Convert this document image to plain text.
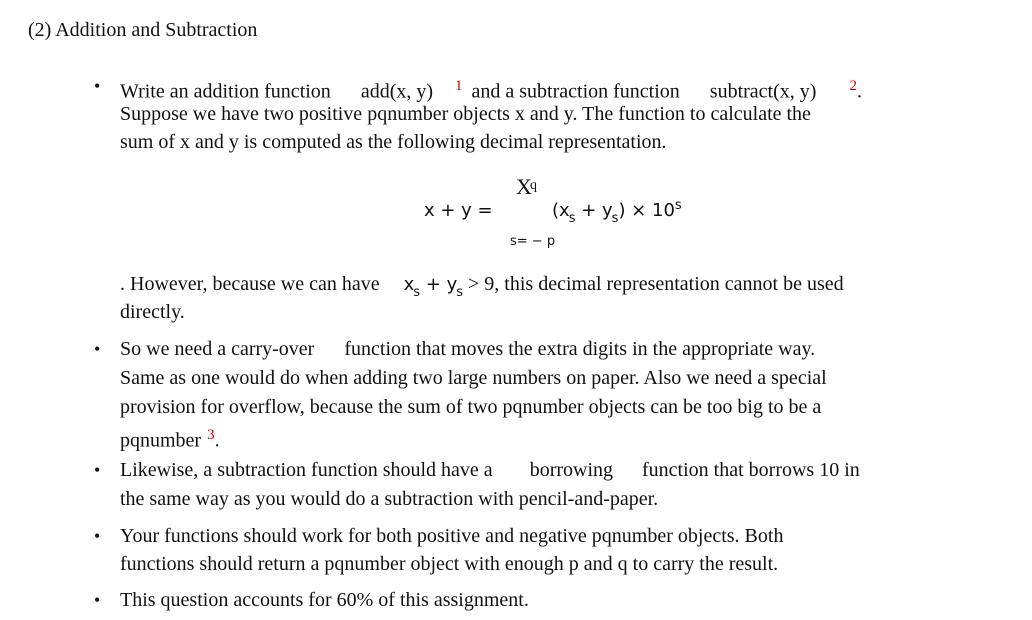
(2) Addition and Subtraction
• Write an addition function add(x, y) $^1$ and a subtraction function subtract(x, y) $^2$.
Suppose we have two positive pqnumber objects x and y. The function to calculate the
sum of x and y is computed as the following decimal representation.
x + y =
X
q
s= − p
$(x_s + y_s) \times 10^s$
. However, because we can have $x_s + y_s > 9$, this decimal representation cannot be used
directly.
• So we need a carry-over function that moves the extra digits in the appropriate way.
Same as one would do when adding two large numbers on paper. Also we need a special
provision for overflow, because the sum of two pqnumber objects can be too big to be a
pqnumber $^3$.
• Likewise, a subtraction function should have a borrowing function that borrows 10 in
the same way as you would do a subtraction with pencil-and-paper.
• Your functions should work for both positive and negative pqnumber objects. Both
functions should return a pqnumber object with enough p and q to carry the result.
• This question accounts for 60% of this assignment.
